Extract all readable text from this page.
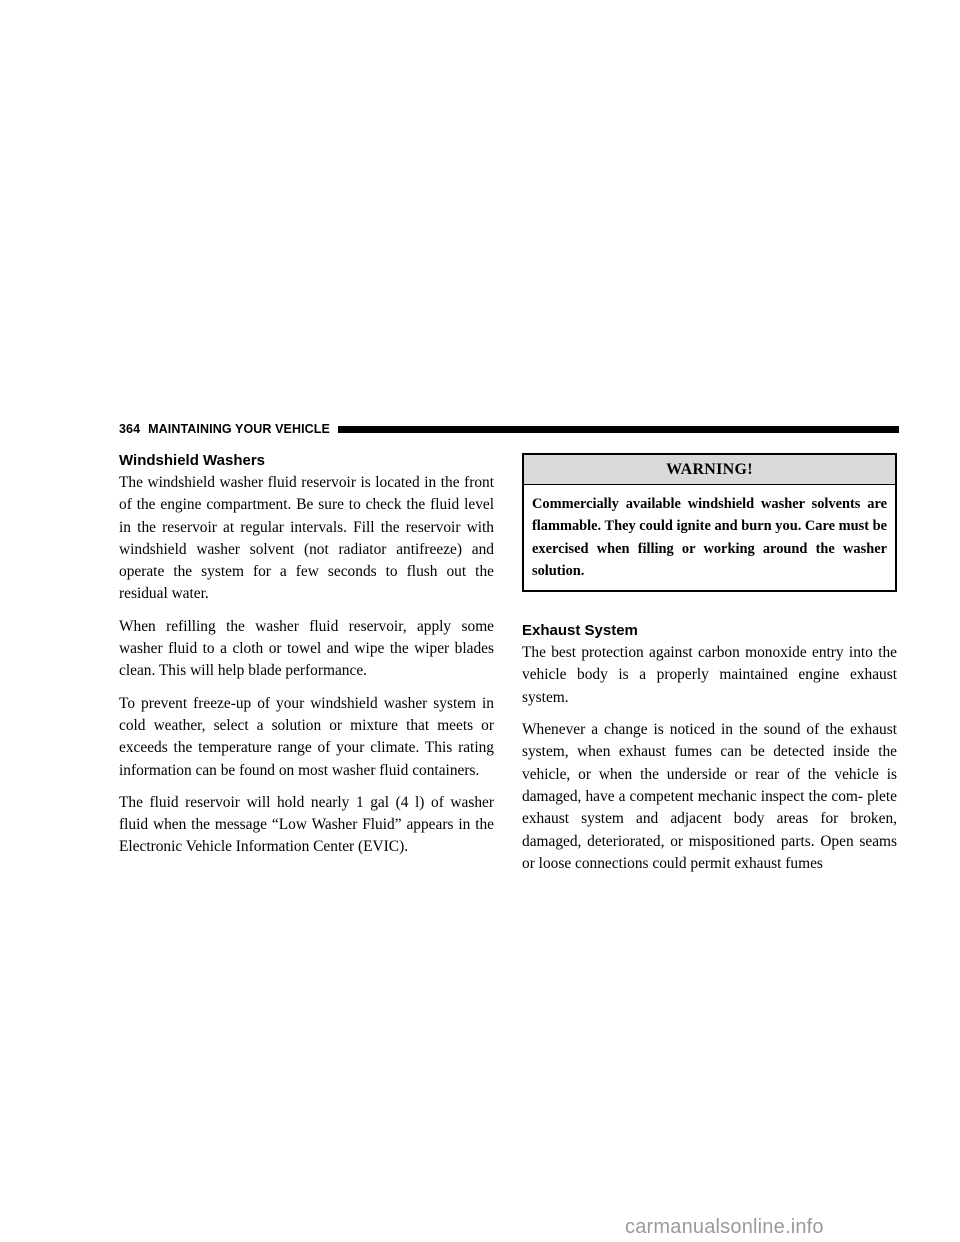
364 MAINTAINING YOUR VEHICLE
Windshield Washers

The windshield washer fluid reservoir is located in the front of the engine compartment. Be sure to check the fluid level in the reservoir at regular intervals. Fill the reservoir with windshield washer solvent (not radiator antifreeze) and operate the system for a few seconds to flush out the residual water.

When refilling the washer fluid reservoir, apply some washer fluid to a cloth or towel and wipe the wiper blades clean. This will help blade performance.

To prevent freeze-up of your windshield washer system in cold weather, select a solution or mixture that meets or exceeds the temperature range of your climate. This rating information can be found on most washer fluid containers.

The fluid reservoir will hold nearly 1 gal (4 l) of washer fluid when the message “Low Washer Fluid” appears in the Electronic Vehicle Information Center (EVIC).

WARNING!
Commercially available windshield washer solvents are flammable. They could ignite and burn you. Care must be exercised when filling or working around the washer solution.
Exhaust System

The best protection against carbon monoxide entry into the vehicle body is a properly maintained engine exhaust system.

Whenever a change is noticed in the sound of the exhaust system, when exhaust fumes can be detected inside the vehicle, or when the underside or rear of the vehicle is damaged, have a competent mechanic inspect the com- plete exhaust system and adjacent body areas for broken, damaged, deteriorated, or mispositioned parts. Open seams or loose connections could permit exhaust fumes

carmanualsonline.info
